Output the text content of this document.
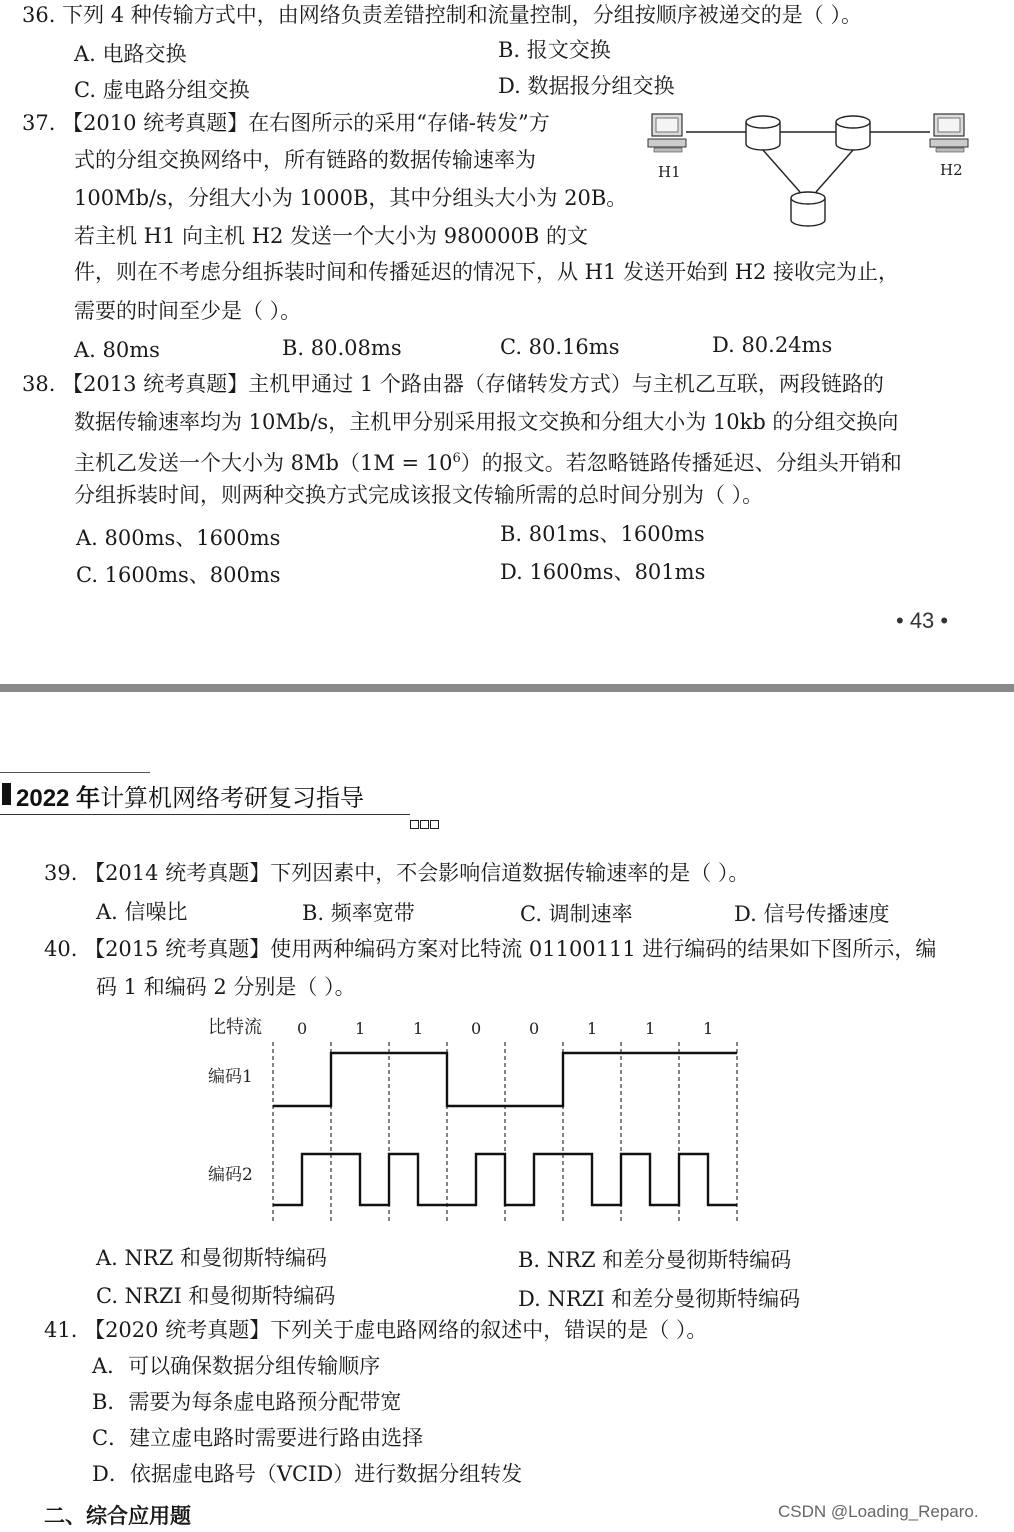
36. 下列 4 种传输方式中，由网络负责差错控制和流量控制，分组按顺序被递交的是（ ）。
A. 电路交换	B. 报文交换
C. 虚电路分组交换	D. 数据报分组交换
37. 【2010 统考真题】在右图所示的采用“存储-转发”方
式的分组交换网络中，所有链路的数据传输速率为
100Mb/s，分组大小为 1000B，其中分组头大小为 20B。
若主机 H1 向主机 H2 发送一个大小为 980000B 的文
件，则在不考虑分组拆装时间和传播延迟的情况下，从 H1 发送开始到 H2 接收完为止，
需要的时间至少是（ ）。
A. 80ms	B. 80.08ms	C. 80.16ms	D. 80.24ms
H1	H2
38. 【2013 统考真题】主机甲通过 1 个路由器（存储转发方式）与主机乙互联，两段链路的
数据传输速率均为 10Mb/s，主机甲分别采用报文交换和分组大小为 10kb 的分组交换向
主机乙发送一个大小为 $8Mb(1M = 10^6)$的报文。若忽略链路传播延迟、分组头开销和
分组拆装时间，则两种交换方式完成该报文传输所需的总时间分别为（ ）。
A. 800ms、1600ms	B. 801ms、1600ms
C. 1600ms、800ms	D. 1600ms、801ms
• 43 •
2022 年计算机网络考研复习指导
39. 【2014 统考真题】下列因素中，不会影响信道数据传输速率的是（ ）。
A. 信噪比	B. 频率宽带	C. 调制速率	D. 信号传播速度
40. 【2015 统考真题】使用两种编码方案对比特流 01100111 进行编码的结果如下图所示，编
码 1 和编码 2 分别是（ ）。
比特流 0	1	1	0	0	1	1	1
编码1
编码2
A. NRZ 和曼彻斯特编码	B. NRZ 和差分曼彻斯特编码
C. NRZI 和曼彻斯特编码	D. NRZI 和差分曼彻斯特编码
41. 【2020 统考真题】下列关于虚电路网络的叙述中，错误的是（ ）。
A．可以确保数据分组传输顺序
B．需要为每条虚电路预分配带宽
C．建立虚电路时需要进行路由选择
D．依据虚电路号（VCID）进行数据分组转发
二、综合应用题	CSDN @Loading_Reparo.
